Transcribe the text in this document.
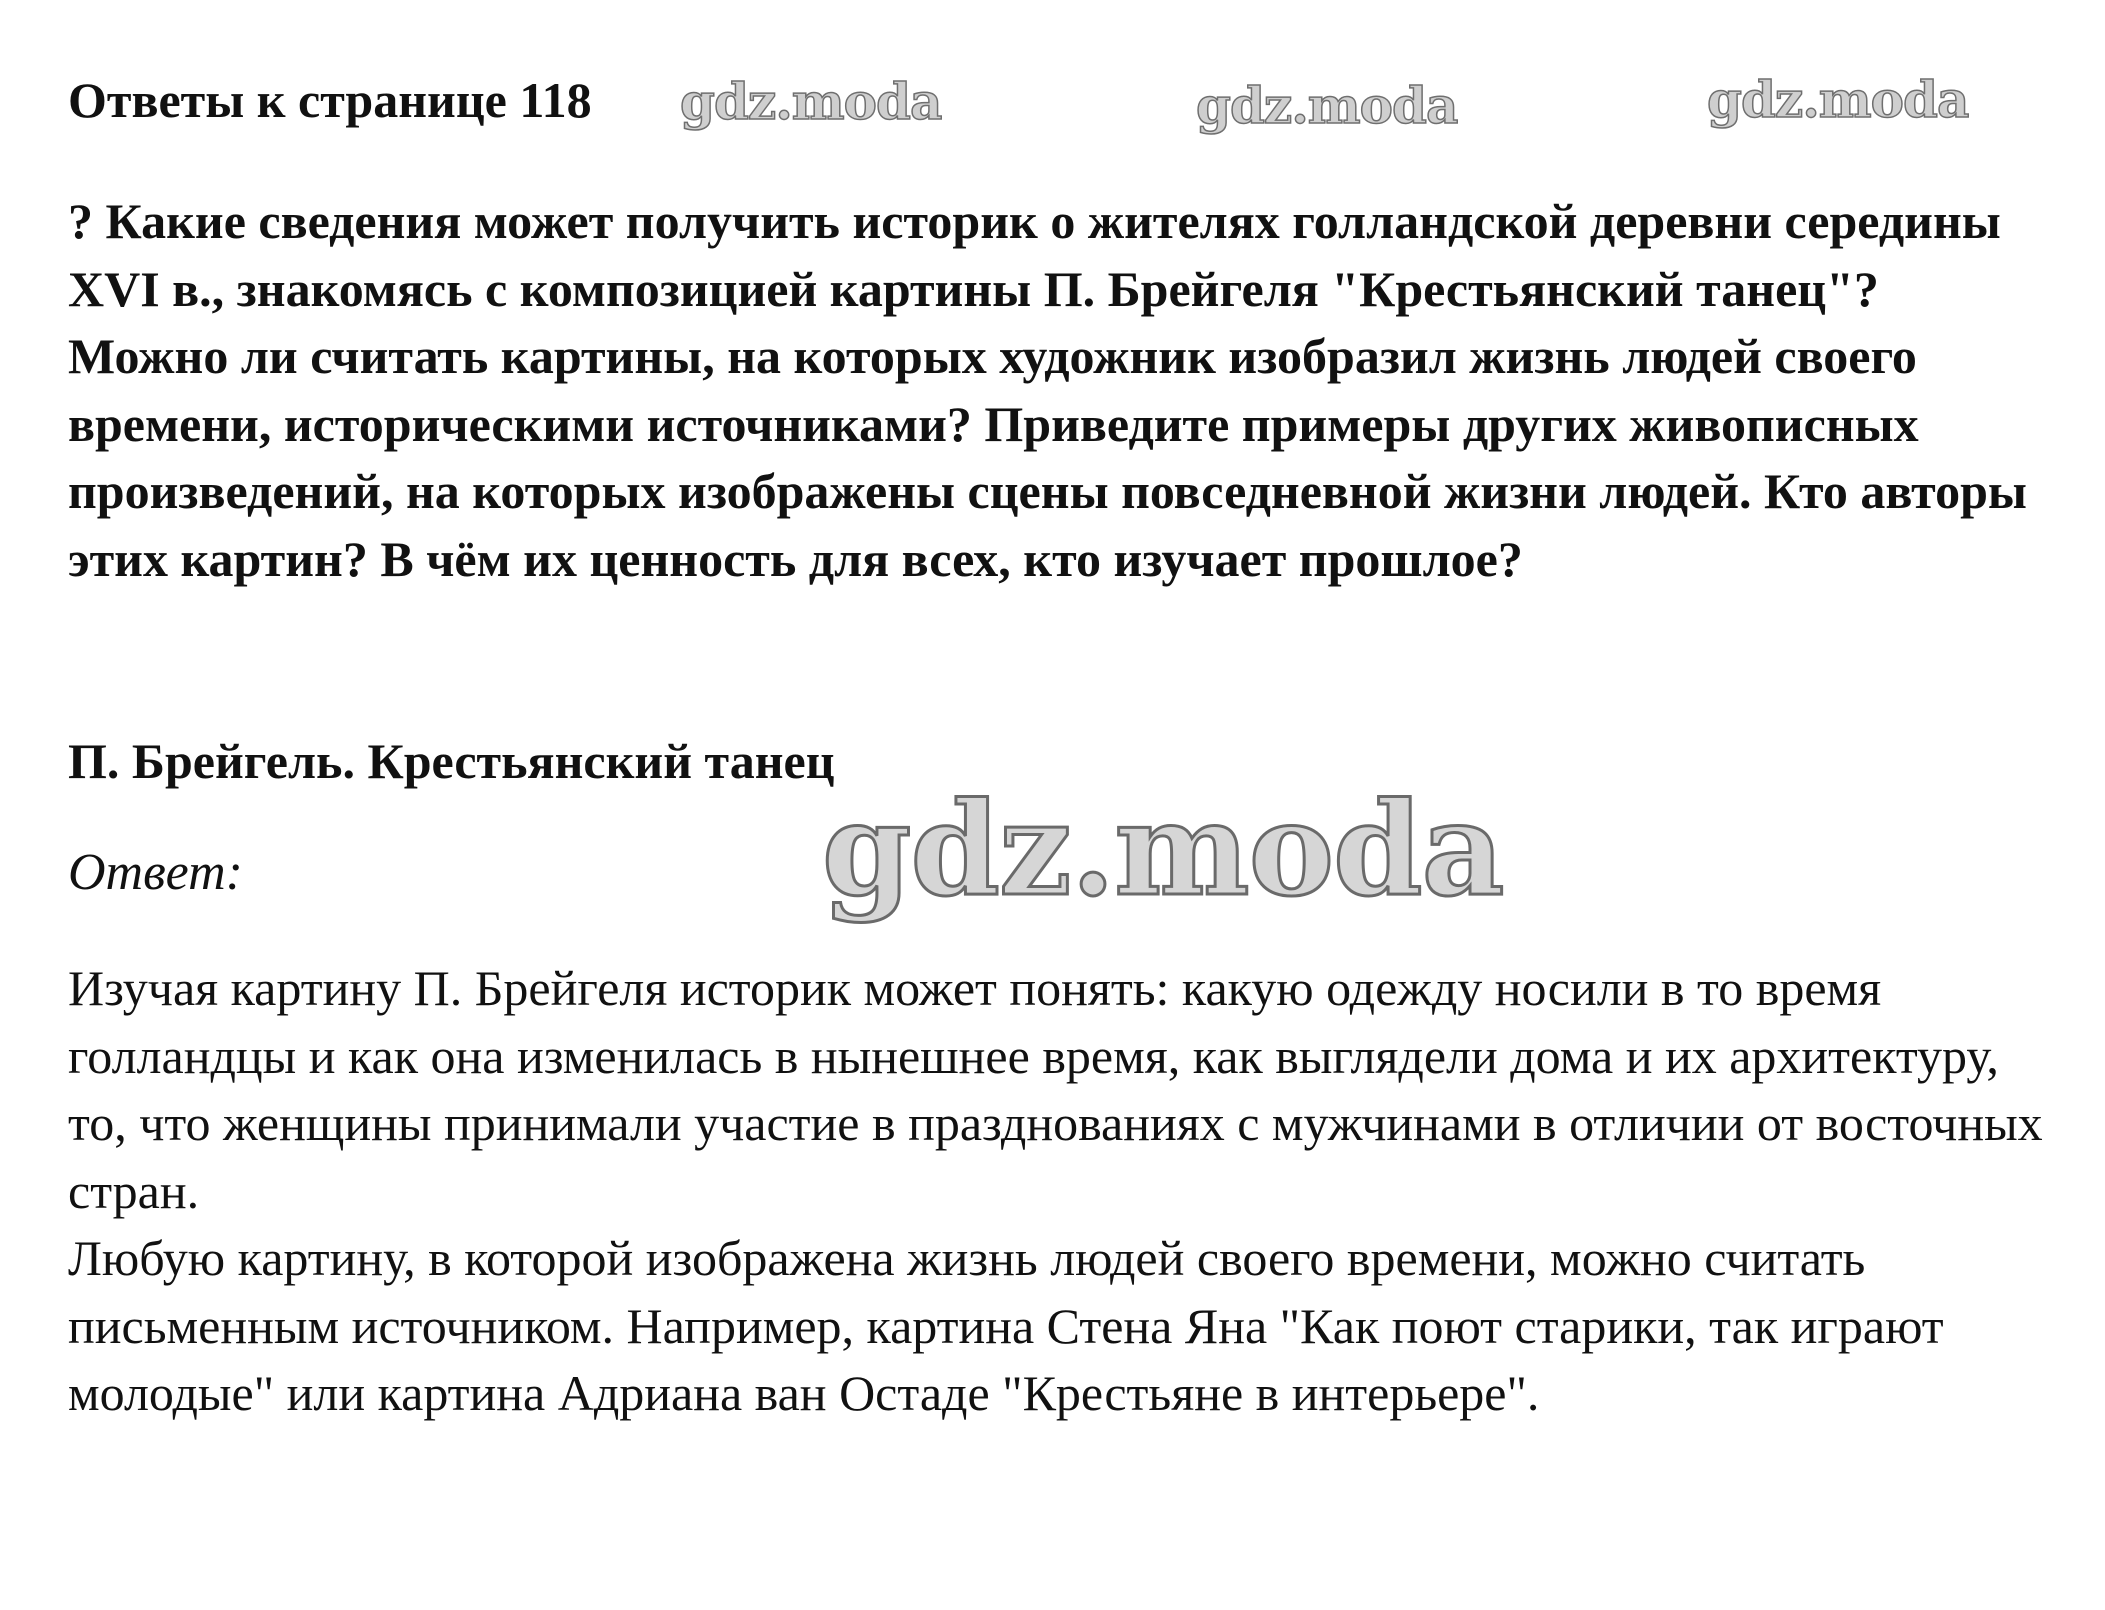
Ответы к странице 118 gdz.moda	gdz.moda	gdz.moda

? Какие сведения может получить историк о жителях голландской деревни середины XVI в., знакомясь с композицией картины П. Брейгеля "Крестьянский танец"? Можно ли считать картины, на которых художник изобразил жизнь людей своего времени, историческими источниками? Приведите примеры других живописных произведений, на которых изображены сцены повседневной жизни людей. Кто авторы этих картин? В чём их ценность для всех, кто изучает прошлое?

П. Брейгель. Крестьянский танец

gdz.moda

Ответ:

Изучая картину П. Брейгеля историк может понять: какую одежду носили в то время голландцы и как она изменилась в нынешнее время, как выглядели дома и их архитектуру, то, что женщины принимали участие в празднованиях с мужчинами в отличии от восточных стран.

Любую картину, в которой изображена жизнь людей своего времени, можно считать письменным источником. Например, картина Стена Яна "Как поют старики, так играют молодые" или картина Адриана ван Остаде "Крестьяне в интерьере".
